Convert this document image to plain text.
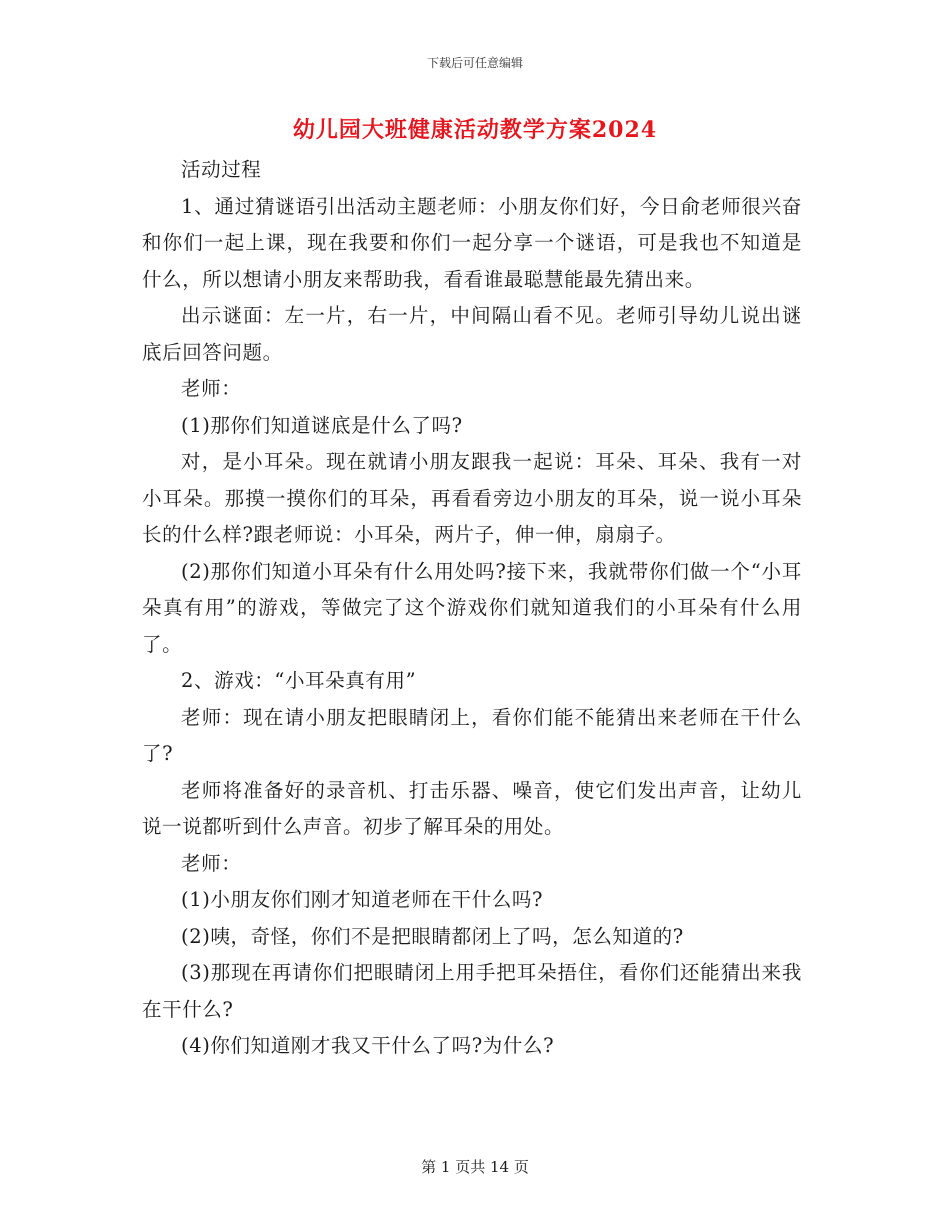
下载后可任意编辑
幼儿园大班健康活动教学方案2024

活动过程

1、通过猜谜语引出活动主题老师：小朋友你们好，今日俞老师很兴奋和你们一起上课，现在我要和你们一起分享一个谜语，可是我也不知道是什么，所以想请小朋友来帮助我，看看谁最聪慧能最先猜出来。

出示谜面：左一片，右一片，中间隔山看不见。老师引导幼儿说出谜底后回答问题。

老师：

(1)那你们知道谜底是什么了吗?

对，是小耳朵。现在就请小朋友跟我一起说：耳朵、耳朵、我有一对小耳朵。那摸一摸你们的耳朵，再看看旁边小朋友的耳朵，说一说小耳朵长的什么样?跟老师说：小耳朵，两片子，伸一伸，扇扇子。

(2)那你们知道小耳朵有什么用处吗?接下来，我就带你们做一个“小耳朵真有用”的游戏，等做完了这个游戏你们就知道我们的小耳朵有什么用了。

2、游戏：“小耳朵真有用”

老师：现在请小朋友把眼睛闭上，看你们能不能猜出来老师在干什么了?

老师将准备好的录音机、打击乐器、噪音，使它们发出声音，让幼儿说一说都听到什么声音。初步了解耳朵的用处。

老师：

(1)小朋友你们刚才知道老师在干什么吗?

(2)咦，奇怪，你们不是把眼睛都闭上了吗，怎么知道的?

(3)那现在再请你们把眼睛闭上用手把耳朵捂住，看你们还能猜出来我在干什么?

(4)你们知道刚才我又干什么了吗?为什么?

第 1 页共 14 页
